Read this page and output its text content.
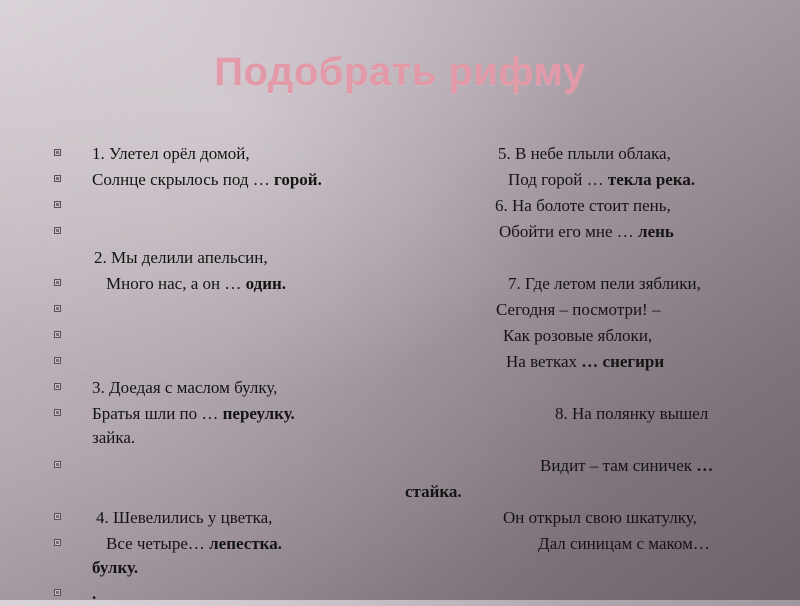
Подобрать рифму
1. Улетел орёл домой,	5. В небе плыли облака,
Солнце скрылось под … горой.	Под горой … текла река.
6. На болоте стоит пень,
Обойти его мне … лень
2. Мы делили апельсин,
Много нас, а он … один.	7. Где летом пели зяблики,
Сегодня – посмотри! –
Как розовые яблоки,
На ветках … снегири
3. Доедая с маслом булку,
Братья шли по … переулку.	8. На полянку вышел
зайка.
Видит – там синичек …
стайка.
4. Шевелились у цветка,	Он открыл свою шкатулку,
Все четыре… лепестка.	Дал синицам с маком…
булку.
.
